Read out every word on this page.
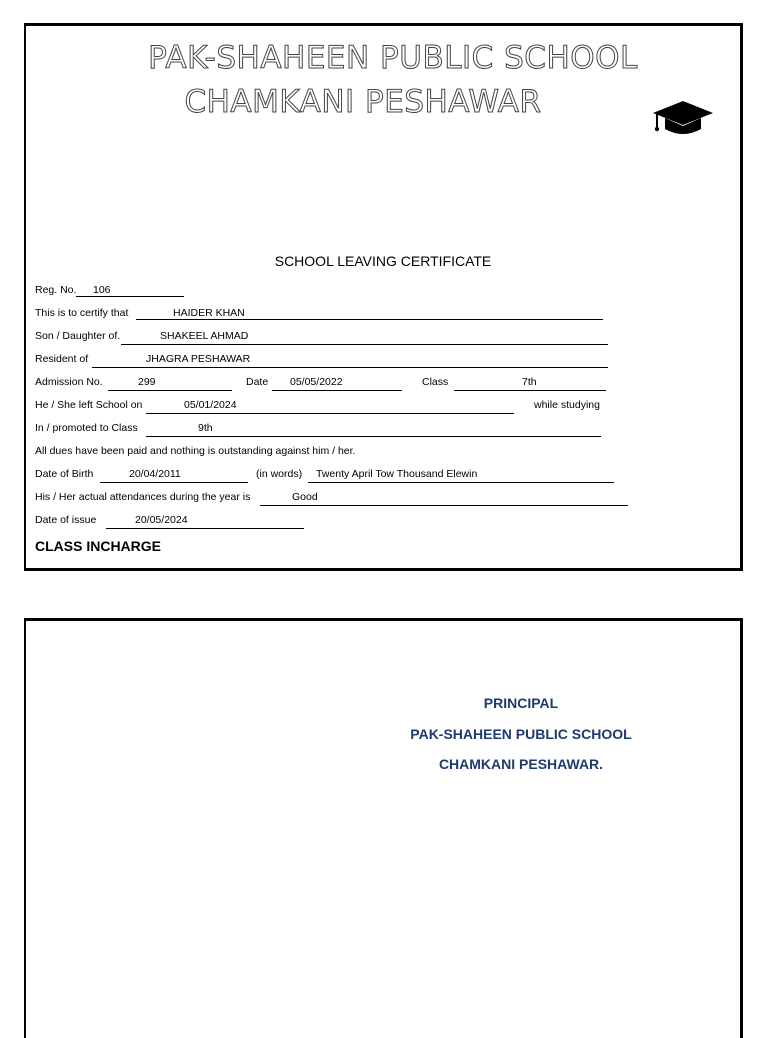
PAK-SHAHEEN PUBLIC SCHOOL
CHAMKANI PESHAWAR
SCHOOL LEAVING CERTIFICATE
Reg. No. 106
This is to certify that	HAIDER KHAN
Son / Daughter of.	SHAKEEL AHMAD
Resident of	JHAGRA PESHAWAR
Admission No.	299	Date 05/05/2022	Class	7th
He / She left School on	05/01/2024	while studying
In / promoted to Class	9th
All dues have been paid and nothing is outstanding against him / her.
Date of Birth	20/04/2011	(in words) Twenty April Tow Thousand Elewin
His / Her actual attendances during the year is	Good
Date of issue	20/05/2024
CLASS INCHARGE
PRINCIPAL
PAK-SHAHEEN PUBLIC SCHOOL
CHAMKANI PESHAWAR.
